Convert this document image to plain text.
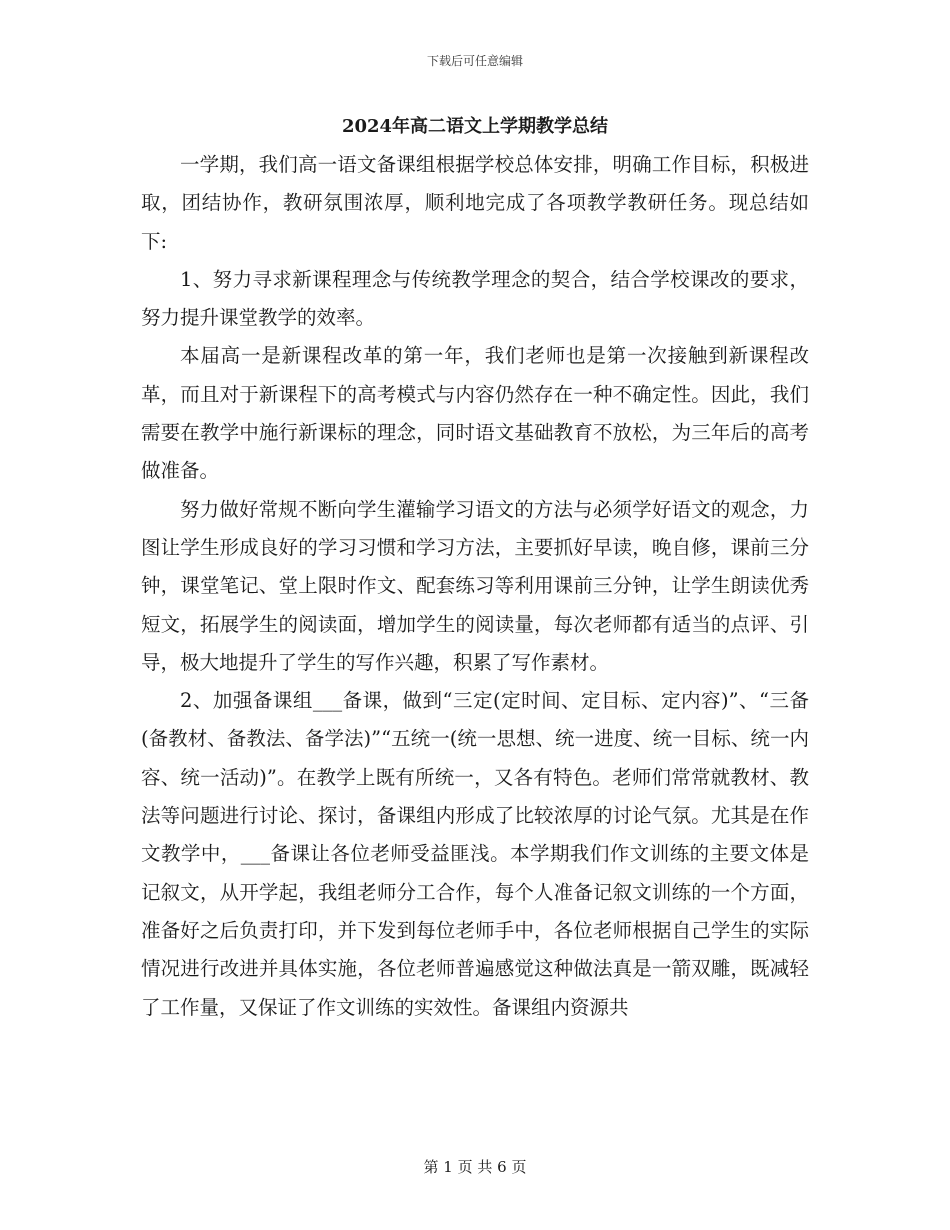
下载后可任意编辑
2024年高二语文上学期教学总结

一学期，我们高一语文备课组根据学校总体安排，明确工作目标，积极进取，团结协作，教研氛围浓厚，顺利地完成了各项教学教研任务。现总结如下:

1、努力寻求新课程理念与传统教学理念的契合，结合学校课改的要求，努力提升课堂教学的效率。

本届高一是新课程改革的第一年，我们老师也是第一次接触到新课程改革，而且对于新课程下的高考模式与内容仍然存在一种不确定性。因此，我们需要在教学中施行新课标的理念，同时语文基础教育不放松，为三年后的高考做准备。

努力做好常规不断向学生灌输学习语文的方法与必须学好语文的观念，力图让学生形成良好的学习习惯和学习方法，主要抓好早读，晚自修，课前三分钟，课堂笔记、堂上限时作文、配套练习等利用课前三分钟，让学生朗读优秀短文，拓展学生的阅读面，增加学生的阅读量，每次老师都有适当的点评、引导，极大地提升了学生的写作兴趣，积累了写作素材。

2、加强备课组___备课，做到“三定(定时间、定目标、定内容)”、“三备(备教材、备教法、备学法)”“五统一(统一思想、统一进度、统一目标、统一内容、统一活动)”。在教学上既有所统一，又各有特色。老师们常常就教材、教法等问题进行讨论、探讨，备课组内形成了比较浓厚的讨论气氛。尤其是在作文教学中，___备课让各位老师受益匪浅。本学期我们作文训练的主要文体是记叙文，从开学起，我组老师分工合作，每个人准备记叙文训练的一个方面，准备好之后负责打印，并下发到每位老师手中，各位老师根据自己学生的实际情况进行改进并具体实施，各位老师普遍感觉这种做法真是一箭双雕，既减轻了工作量，又保证了作文训练的实效性。备课组内资源共

第 1 页 共 6 页
